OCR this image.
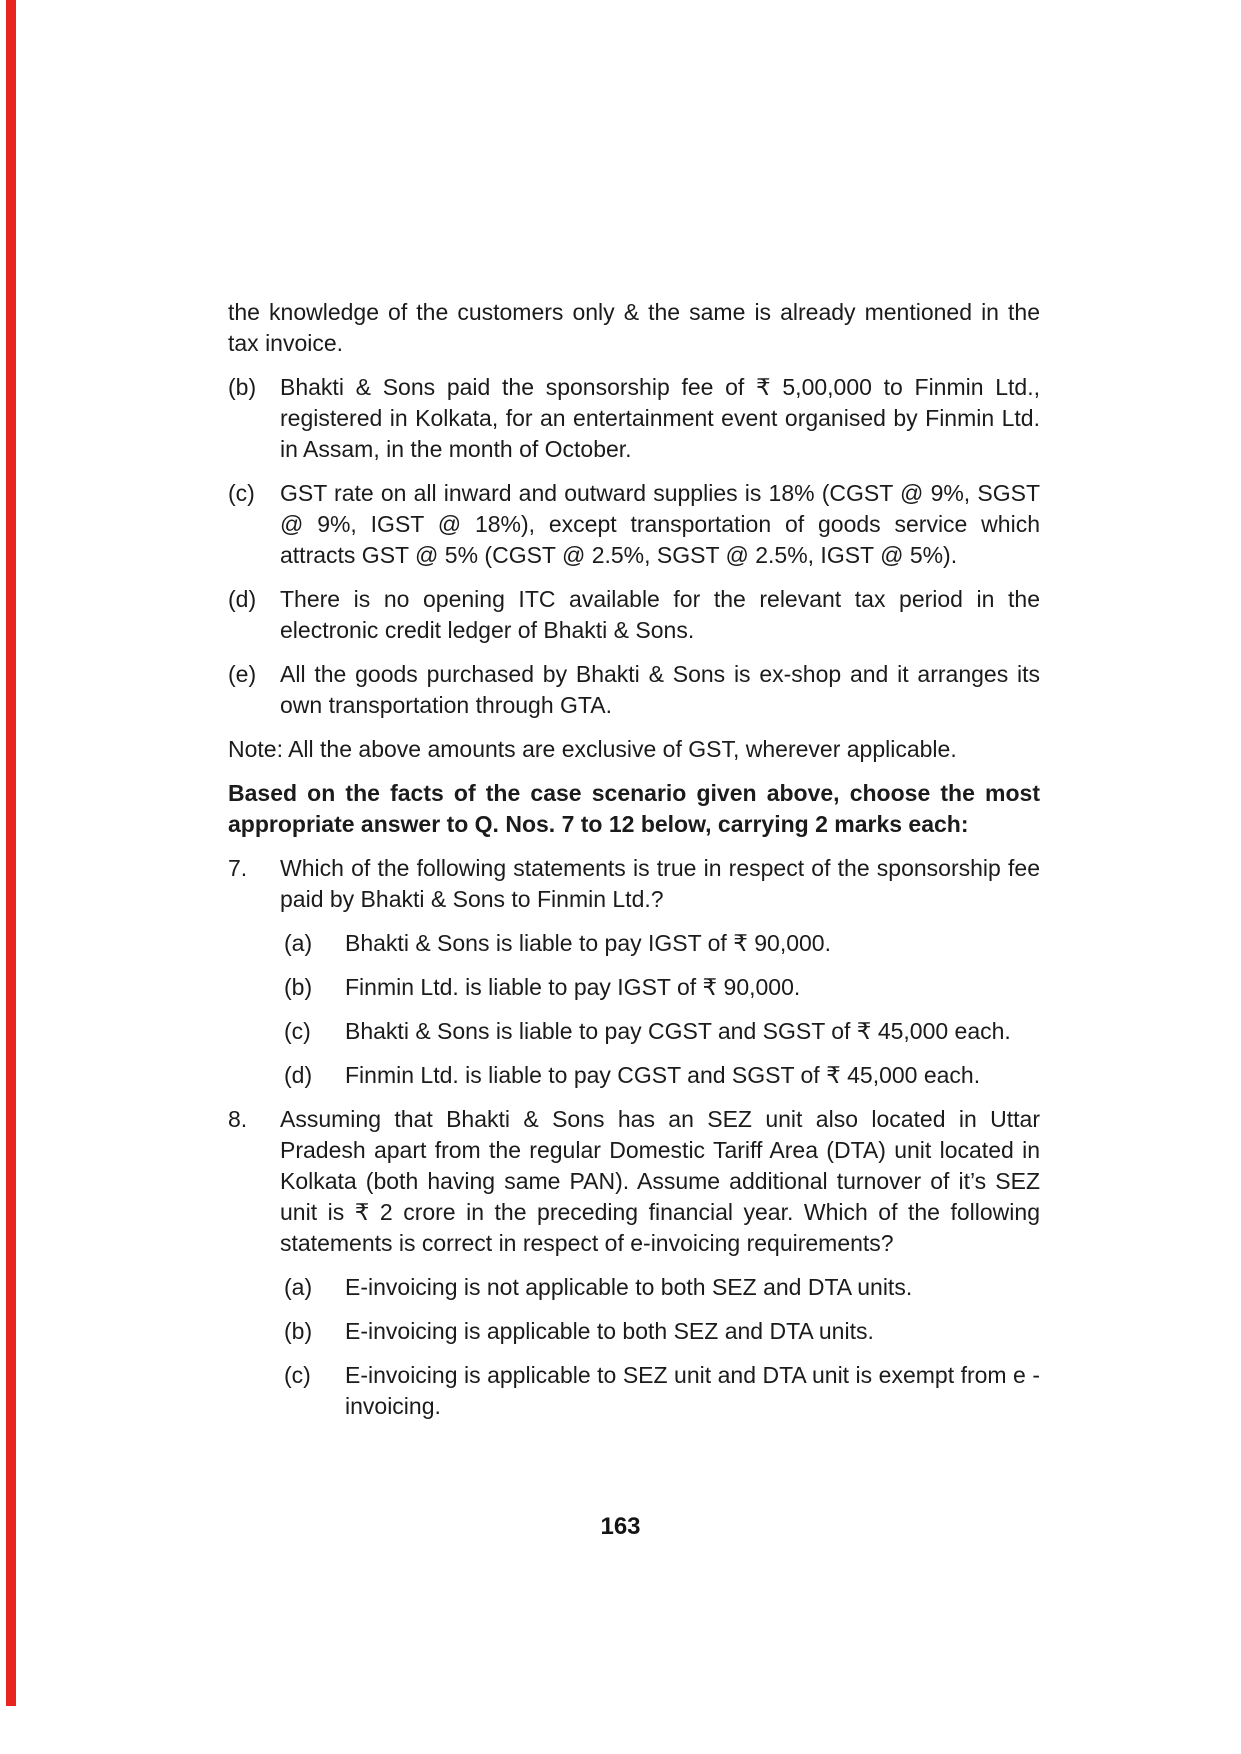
the knowledge of the customers only & the same is already mentioned in the tax invoice.
(b)	Bhakti & Sons paid the sponsorship fee of ₹ 5,00,000 to Finmin Ltd., registered in Kolkata, for an entertainment event organised by Finmin Ltd. in Assam, in the month of October.
(c)	GST rate on all inward and outward supplies is 18% (CGST @ 9%, SGST @ 9%, IGST @ 18%), except transportation of goods service which attracts GST @ 5% (CGST @ 2.5%, SGST @ 2.5%, IGST @ 5%).
(d)	There is no opening ITC available for the relevant tax period in the electronic credit ledger of Bhakti & Sons.
(e)	All the goods purchased by Bhakti & Sons is ex-shop and it arranges its own transportation through GTA.
Note: All the above amounts are exclusive of GST, wherever applicable.
Based on the facts of the case scenario given above, choose the most appropriate answer to Q. Nos. 7 to 12 below, carrying 2 marks each:
7.	Which of the following statements is true in respect of the sponsorship fee paid by Bhakti & Sons to Finmin Ltd.?
(a)	Bhakti & Sons is liable to pay IGST of ₹ 90,000.
(b)	Finmin Ltd. is liable to pay IGST of ₹ 90,000.
(c)	Bhakti & Sons is liable to pay CGST and SGST of ₹ 45,000 each.
(d)	Finmin Ltd. is liable to pay CGST and SGST of ₹ 45,000 each.
8.	Assuming that Bhakti & Sons has an SEZ unit also located in Uttar Pradesh apart from the regular Domestic Tariff Area (DTA) unit located in Kolkata (both having same PAN). Assume additional turnover of it’s SEZ unit is ₹ 2 crore in the preceding financial year. Which of the following statements is correct in respect of e-invoicing requirements?
(a)	E-invoicing is not applicable to both SEZ and DTA units.
(b)	E-invoicing is applicable to both SEZ and DTA units.
(c)	E-invoicing is applicable to SEZ unit and DTA unit is exempt from e -invoicing.
163
